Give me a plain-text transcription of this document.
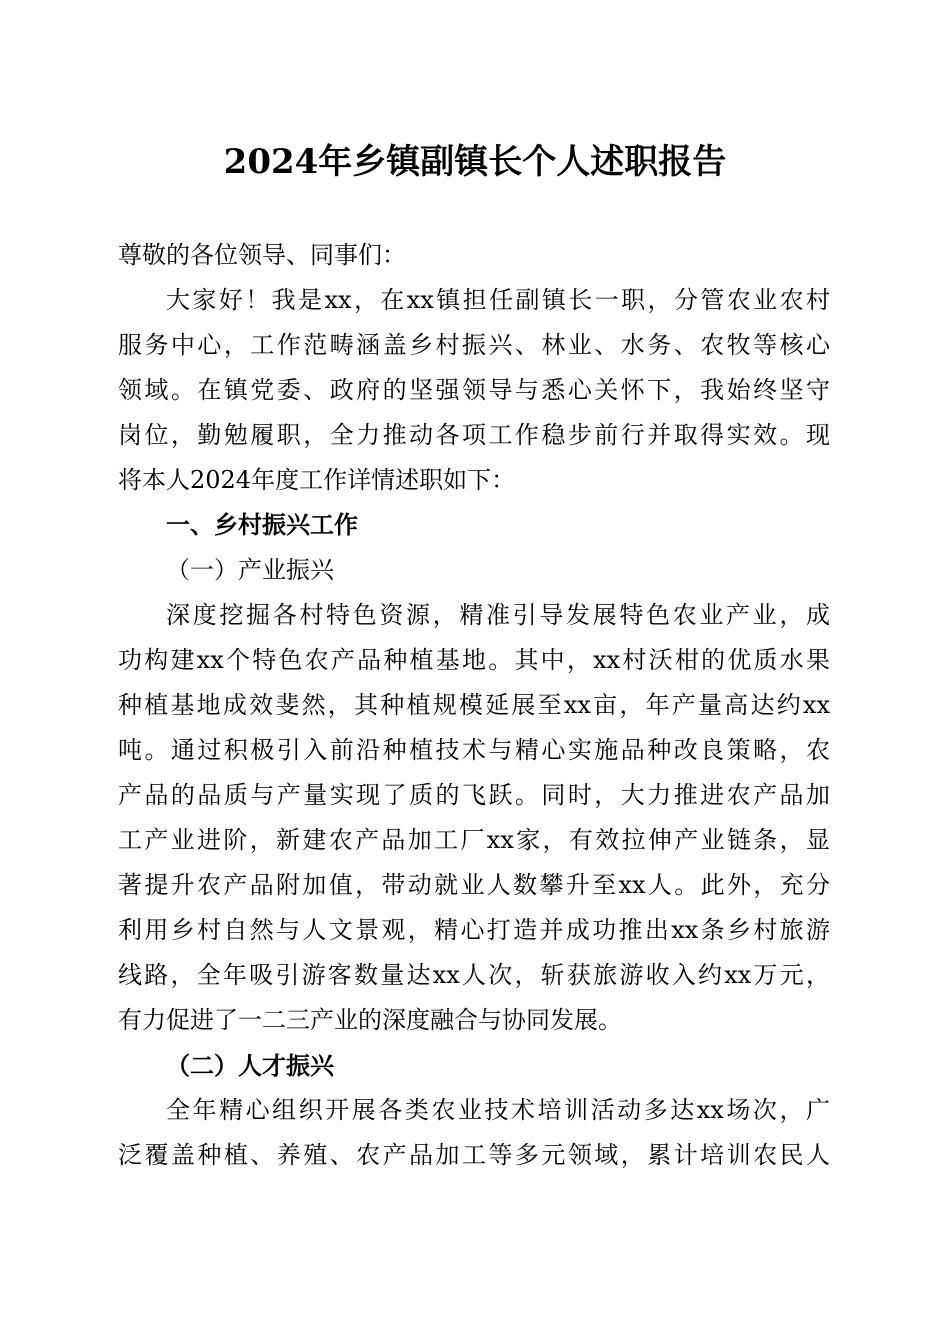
2024年乡镇副镇长个人述职报告
尊敬的各位领导、同事们：
大家好！我是xx，在xx镇担任副镇长一职，分管农业农村
服务中心，工作范畴涵盖乡村振兴、林业、水务、农牧等核心
领域。在镇党委、政府的坚强领导与悉心关怀下，我始终坚守
岗位，勤勉履职，全力推动各项工作稳步前行并取得实效。现
将本人2024年度工作详情述职如下：
一、乡村振兴工作
（一）产业振兴
深度挖掘各村特色资源，精准引导发展特色农业产业，成
功构建xx个特色农产品种植基地。其中，xx村沃柑的优质水果
种植基地成效斐然，其种植规模延展至xx亩，年产量高达约xx
吨。通过积极引入前沿种植技术与精心实施品种改良策略，农
产品的品质与产量实现了质的飞跃。同时，大力推进农产品加
工产业进阶，新建农产品加工厂xx家，有效拉伸产业链条，显
著提升农产品附加值，带动就业人数攀升至xx人。此外，充分
利用乡村自然与人文景观，精心打造并成功推出xx条乡村旅游
线路，全年吸引游客数量达xx人次，斩获旅游收入约xx万元，
有力促进了一二三产业的深度融合与协同发展。
（二）人才振兴
全年精心组织开展各类农业技术培训活动多达xx场次，广
泛覆盖种植、养殖、农产品加工等多元领域，累计培训农民人
